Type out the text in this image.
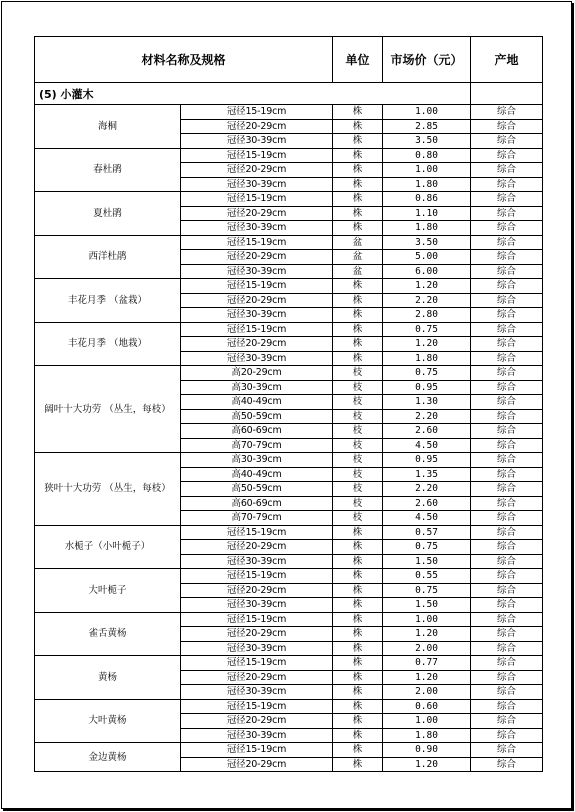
材料名称及规格		单位	市场价（元）	产地
(5) 小灌木				
海桐	冠径15-19cm	株	1.00	综合
	冠径20-29cm	株	2.85	综合
	冠径30-39cm	株	3.50	综合
春杜鹃	冠径15-19cm	株	0.80	综合
	冠径20-29cm	株	1.00	综合
	冠径30-39cm	株	1.80	综合
夏杜鹃	冠径15-19cm	株	0.86	综合
	冠径20-29cm	株	1.10	综合
	冠径30-39cm	株	1.80	综合
西洋杜鹃	冠径15-19cm	盆	3.50	综合
	冠径20-29cm	盆	5.00	综合
	冠径30-39cm	盆	6.00	综合
丰花月季 （盆栽）	冠径15-19cm	株	1.20	综合
	冠径20-29cm	株	2.20	综合
	冠径30-39cm	株	2.80	综合
丰花月季 （地栽）	冠径15-19cm	株	0.75	综合
	冠径20-29cm	株	1.20	综合
	冠径30-39cm	株	1.80	综合
阔叶十大功劳 （丛生，每枝）	高20-29cm	枝	0.75	综合
	高30-39cm	枝	0.95	综合
	高40-49cm	枝	1.30	综合
	高50-59cm	枝	2.20	综合
	高60-69cm	枝	2.60	综合
	高70-79cm	枝	4.50	综合
狭叶十大功劳 （丛生，每枝）	高30-39cm	枝	0.95	综合
	高40-49cm	枝	1.35	综合
	高50-59cm	枝	2.20	综合
	高60-69cm	枝	2.60	综合
	高70-79cm	枝	4.50	综合
水栀子（小叶栀子）	冠径15-19cm	株	0.57	综合
	冠径20-29cm	株	0.75	综合
	冠径30-39cm	株	1.50	综合
大叶栀子	冠径15-19cm	株	0.55	综合
	冠径20-29cm	株	0.75	综合
	冠径30-39cm	株	1.50	综合
雀舌黄杨	冠径15-19cm	株	1.00	综合
	冠径20-29cm	株	1.20	综合
	冠径30-39cm	株	2.00	综合
黄杨	冠径15-19cm	株	0.77	综合
	冠径20-29cm	株	1.20	综合
	冠径30-39cm	株	2.00	综合
大叶黄杨	冠径15-19cm	株	0.60	综合
	冠径20-29cm	株	1.00	综合
	冠径30-39cm	株	1.80	综合
金边黄杨	冠径15-19cm	株	0.90	综合
	冠径20-29cm	株	1.20	综合
